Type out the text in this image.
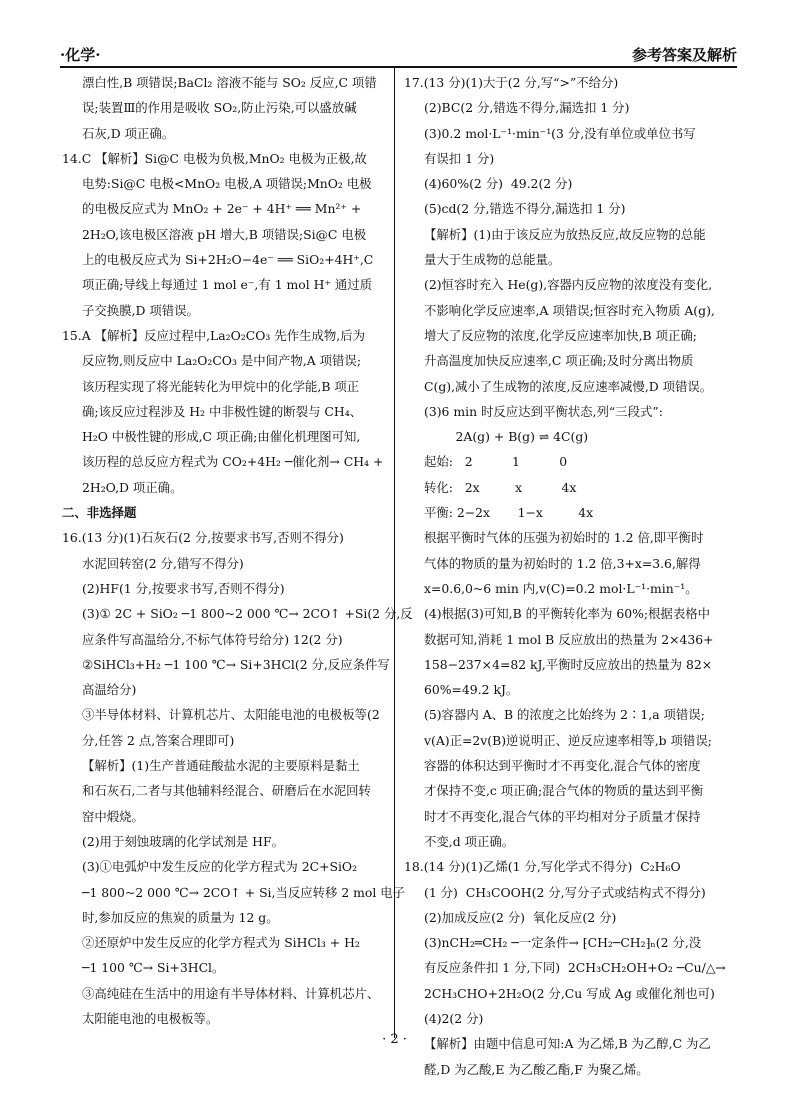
·化学·	参考答案及解析
漂白性,B 项错误;BaCl₂ 溶液不能与 SO₂ 反应,C 项错
误;装置Ⅲ的作用是吸收 SO₂,防止污染,可以盛放碱
石灰,D 项正确。
14.C 【解析】Si@C 电极为负极,MnO₂ 电极为正极,故
电势:Si@C 电极<MnO₂ 电极,A 项错误;MnO₂ 电极
的电极反应式为 MnO₂ + 2e⁻ + 4H⁺ ══ Mn²⁺ +
2H₂O,该电极区溶液 pH 增大,B 项错误;Si@C 电极
上的电极反应式为 Si+2H₂O−4e⁻ ══ SiO₂+4H⁺,C
项正确;导线上每通过 1 mol e⁻,有 1 mol H⁺ 通过质
子交换膜,D 项错误。
15.A 【解析】反应过程中,La₂O₂CO₃ 先作生成物,后为
反应物,则反应中 La₂O₂CO₃ 是中间产物,A 项错误;
该历程实现了将光能转化为甲烷中的化学能,B 项正
确;该反应过程涉及 H₂ 中非极性键的断裂与 CH₄、
H₂O 中极性键的形成,C 项正确;由催化机理图可知,
该历程的总反应方程式为 CO₂+4H₂ ─催化剂→ CH₄ +
2H₂O,D 项正确。
二、非选择题
16.(13 分)(1)石灰石(2 分,按要求书写,否则不得分)
水泥回转窑(2 分,错写不得分)
(2)HF(1 分,按要求书写,否则不得分)
(3)① 2C + SiO₂ ─1 800~2 000 ℃→ 2CO↑ +Si(2 分,反
应条件写高温给分,不标气体符号给分) 12(2 分)
②SiHCl₃+H₂ ─1 100 ℃→ Si+3HCl(2 分,反应条件写
高温给分)
③半导体材料、计算机芯片、太阳能电池的电极板等(2
分,任答 2 点,答案合理即可)
【解析】(1)生产普通硅酸盐水泥的主要原料是黏土
和石灰石,二者与其他辅料经混合、研磨后在水泥回转
窑中煅烧。
(2)用于刻蚀玻璃的化学试剂是 HF。
(3)①电弧炉中发生反应的化学方程式为 2C+SiO₂
─1 800~2 000 ℃→ 2CO↑ + Si,当反应转移 2 mol 电子
时,参加反应的焦炭的质量为 12 g。
②还原炉中发生反应的化学方程式为 SiHCl₃ + H₂
─1 100 ℃→ Si+3HCl。
③高纯硅在生活中的用途有半导体材料、计算机芯片、
太阳能电池的电极板等。
17.(13 分)(1)大于(2 分,写“>”不给分)
(2)BC(2 分,错选不得分,漏选扣 1 分)
(3)0.2 mol·L⁻¹·min⁻¹(3 分,没有单位或单位书写
有误扣 1 分)
(4)60%(2 分)  49.2(2 分)
(5)cd(2 分,错选不得分,漏选扣 1 分)
【解析】(1)由于该反应为放热反应,故反应物的总能
量大于生成物的总能量。
(2)恒容时充入 He(g),容器内反应物的浓度没有变化,
不影响化学反应速率,A 项错误;恒容时充入物质 A(g),
增大了反应物的浓度,化学反应速率加快,B 项正确;
升高温度加快反应速率,C 项正确;及时分离出物质
C(g),减小了生成物的浓度,反应速率减慢,D 项错误。
(3)6 min 时反应达到平衡状态,列“三段式”:
2A(g) + B(g) ⇌ 4C(g)
起始:   2          1          0
转化:   2x         x          4x
平衡: 2−2x       1−x         4x
根据平衡时气体的压强为初始时的 1.2 倍,即平衡时
气体的物质的量为初始时的 1.2 倍,3+x=3.6,解得
x=0.6,0~6 min 内,v(C)=0.2 mol·L⁻¹·min⁻¹。
(4)根据(3)可知,B 的平衡转化率为 60%;根据表格中
数据可知,消耗 1 mol B 反应放出的热量为 2×436+
158−237×4=82 kJ,平衡时反应放出的热量为 82×
60%=49.2 kJ。
(5)容器内 A、B 的浓度之比始终为 2∶1,a 项错误;
v(A)正=2v(B)逆说明正、逆反应速率相等,b 项错误;
容器的体积达到平衡时才不再变化,混合气体的密度
才保持不变,c 项正确;混合气体的物质的量达到平衡
时才不再变化,混合气体的平均相对分子质量才保持
不变,d 项正确。
18.(14 分)(1)乙烯(1 分,写化学式不得分)  C₂H₆O
(1 分)  CH₃COOH(2 分,写分子式或结构式不得分)
(2)加成反应(2 分)  氧化反应(2 分)
(3)nCH₂═CH₂ ─一定条件→ ⁅CH₂─CH₂⁆ₙ(2 分,没
有反应条件扣 1 分,下同)  2CH₃CH₂OH+O₂ ─Cu/△→
2CH₃CHO+2H₂O(2 分,Cu 写成 Ag 或催化剂也可)
(4)2(2 分)
【解析】由题中信息可知:A 为乙烯,B 为乙醇,C 为乙
醛,D 为乙酸,E 为乙酸乙酯,F 为聚乙烯。
· 2 ·
